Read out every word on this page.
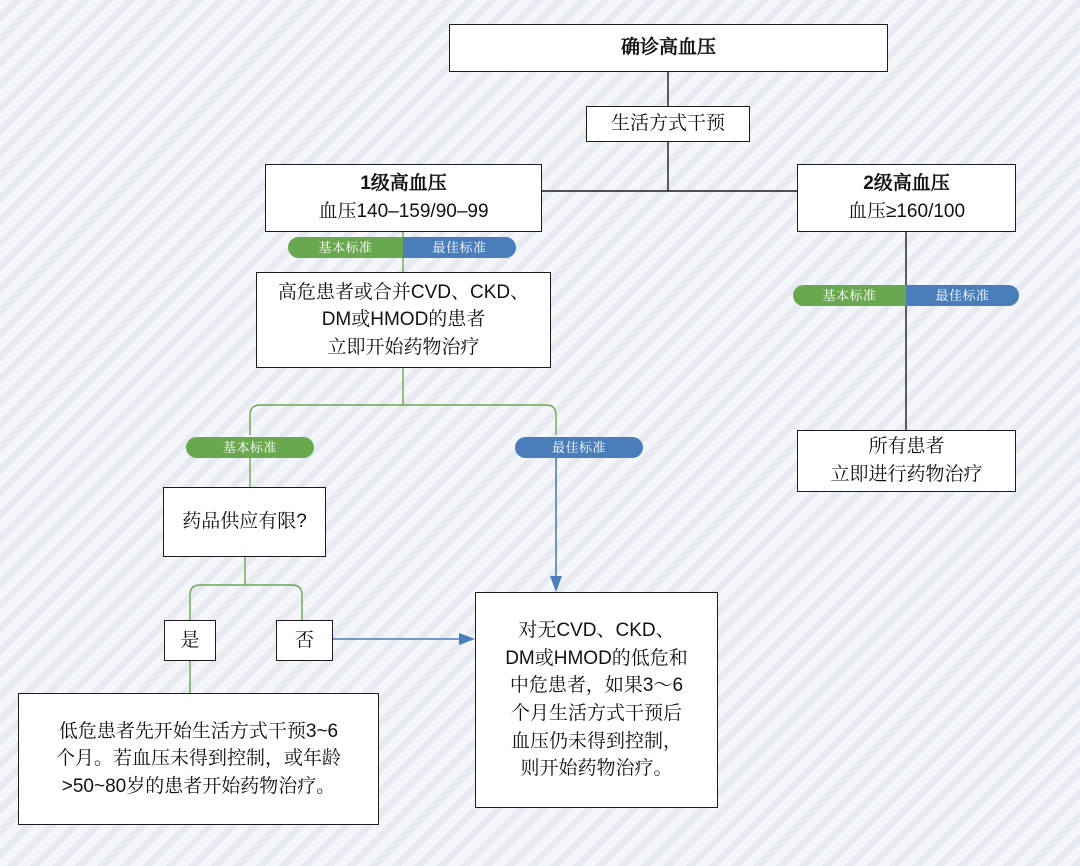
确诊高血压
生活方式干预
1级高血压
血压140–159/90–99
2级高血压
血压≥160/100
基本标准	最佳标准
高危患者或合并CVD、CKD、
DM或HMOD的患者
立即开始药物治疗
基本标准	最佳标准
基本标准	最佳标准	所有患者
立即进行药物治疗
药品供应有限?
是	否
低危患者先开始生活方式干预3~6
个月。若血压未得到控制，或年龄
>50~80岁的患者开始药物治疗。
对无CVD、CKD、
DM或HMOD的低危和
中危患者，如果3～6
个月生活方式干预后
血压仍未得到控制，
则开始药物治疗。
